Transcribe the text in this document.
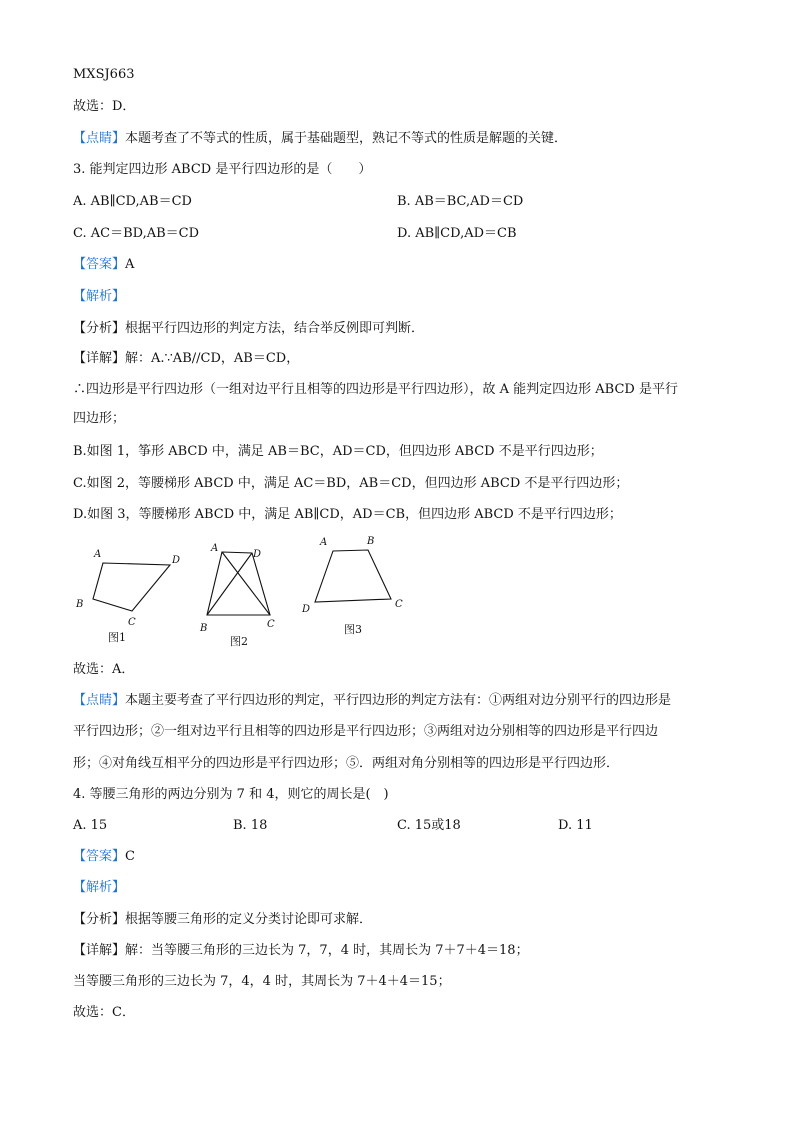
MXSJ663
故选：D．
【点睛】本题考查了不等式的性质，属于基础题型，熟记不等式的性质是解题的关键．
3. 能判定四边形 ABCD 是平行四边形的是（　　）
A. AB∥CD,AB＝CD	B. AB＝BC,AD＝CD
C. AC＝BD,AB＝CD	D. AB∥CD,AD＝CB
【答案】A
【解析】
【分析】根据平行四边形的判定方法，结合举反例即可判断．
【详解】解：A.∵AB//CD，AB＝CD，
∴四边形是平行四边形（一组对边平行且相等的四边形是平行四边形），故 A 能判定四边形 ABCD 是平行
四边形；
B.如图 1，筝形 ABCD 中，满足 AB＝BC，AD＝CD，但四边形 ABCD 不是平行四边形；
C.如图 2，等腰梯形 ABCD 中，满足 AC＝BD，AB＝CD，但四边形 ABCD 不是平行四边形；
D.如图 3，等腰梯形 ABCD 中，满足 AB∥CD，AD＝CB，但四边形 ABCD 不是平行四边形；
A
D
B
C
图1
A
D
B	C
图2
A	B
D	C
图3
故选：A．
【点睛】本题主要考查了平行四边形的判定，平行四边形的判定方法有：①两组对边分别平行的四边形是
平行四边形；②一组对边平行且相等的四边形是平行四边形；③两组对边分别相等的四边形是平行四边
形；④对角线互相平分的四边形是平行四边形；⑤．两组对角分别相等的四边形是平行四边形．
4. 等腰三角形的两边分别为 7 和 4，则它的周长是(　)
A. 15	B. 18	C. 15或18	D. 11
【答案】C
【解析】
【分析】根据等腰三角形的定义分类讨论即可求解．
【详解】解：当等腰三角形的三边长为 7，7，4 时，其周长为 7＋7＋4＝18；
当等腰三角形的三边长为 7，4，4 时，其周长为 7＋4＋4＝15；
故选：C．
